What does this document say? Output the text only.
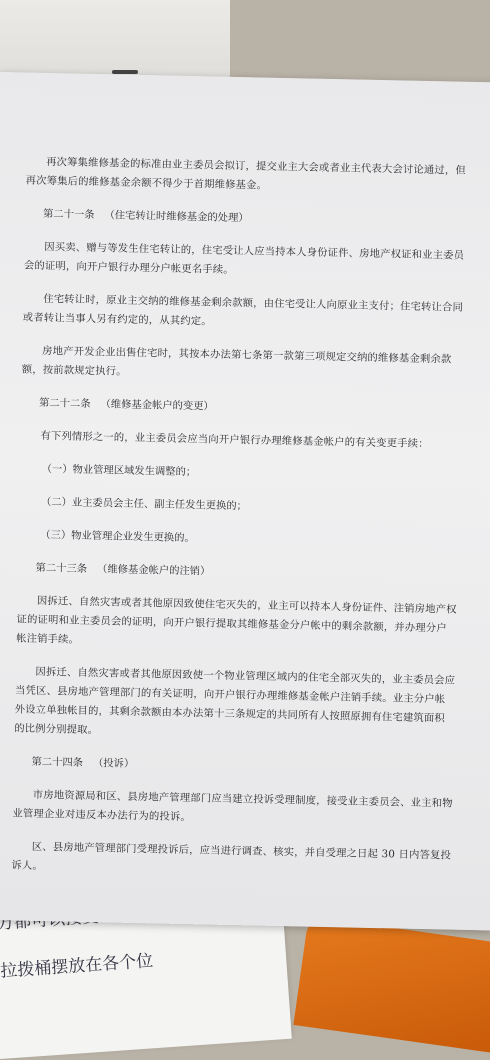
拉拨桶摆放在各个位
再次筹集维修基金的标准由业主委员会拟订，提交业主大会或者业主代表大会讨论通过，但再次筹集后的维修基金余额不得少于首期维修基金。
第二十一条 （住宅转让时维修基金的处理）
因买卖、赠与等发生住宅转让的，住宅受让人应当持本人身份证件、房地产权证和业主委员会的证明，向开户银行办理分户帐更名手续。
住宅转让时，原业主交纳的维修基金剩余款额，由住宅受让人向原业主支付；住宅转让合同或者转让当事人另有约定的，从其约定。
房地产开发企业出售住宅时，其按本办法第七条第一款第三项规定交纳的维修基金剩余款额，按前款规定执行。
第二十二条 （维修基金帐户的变更）
有下列情形之一的，业主委员会应当向开户银行办理维修基金帐户的有关变更手续：
（一）物业管理区域发生调整的；
（二）业主委员会主任、副主任发生更换的；
（三）物业管理企业发生更换的。
第二十三条 （维修基金帐户的注销）
因拆迁、自然灾害或者其他原因致使住宅灭失的，业主可以持本人身份证件、注销房地产权证的证明和业主委员会的证明，向开户银行提取其维修基金分户帐中的剩余款额，并办理分户帐注销手续。
因拆迁、自然灾害或者其他原因致使一个物业管理区域内的住宅全部灭失的，业主委员会应当凭区、县房地产管理部门的有关证明，向开户银行办理维修基金帐户注销手续。业主分户帐外设立单独帐目的，其剩余款额由本办法第十三条规定的共同所有人按照原拥有住宅建筑面积的比例分别提取。
第二十四条 （投诉）
市房地资源局和区、县房地产管理部门应当建立投诉受理制度，接受业主委员会、业主和物业管理企业对违反本办法行为的投诉。
区、县房地产管理部门受理投诉后，应当进行调查、核实，并自受理之日起 30 日内答复投诉人。
